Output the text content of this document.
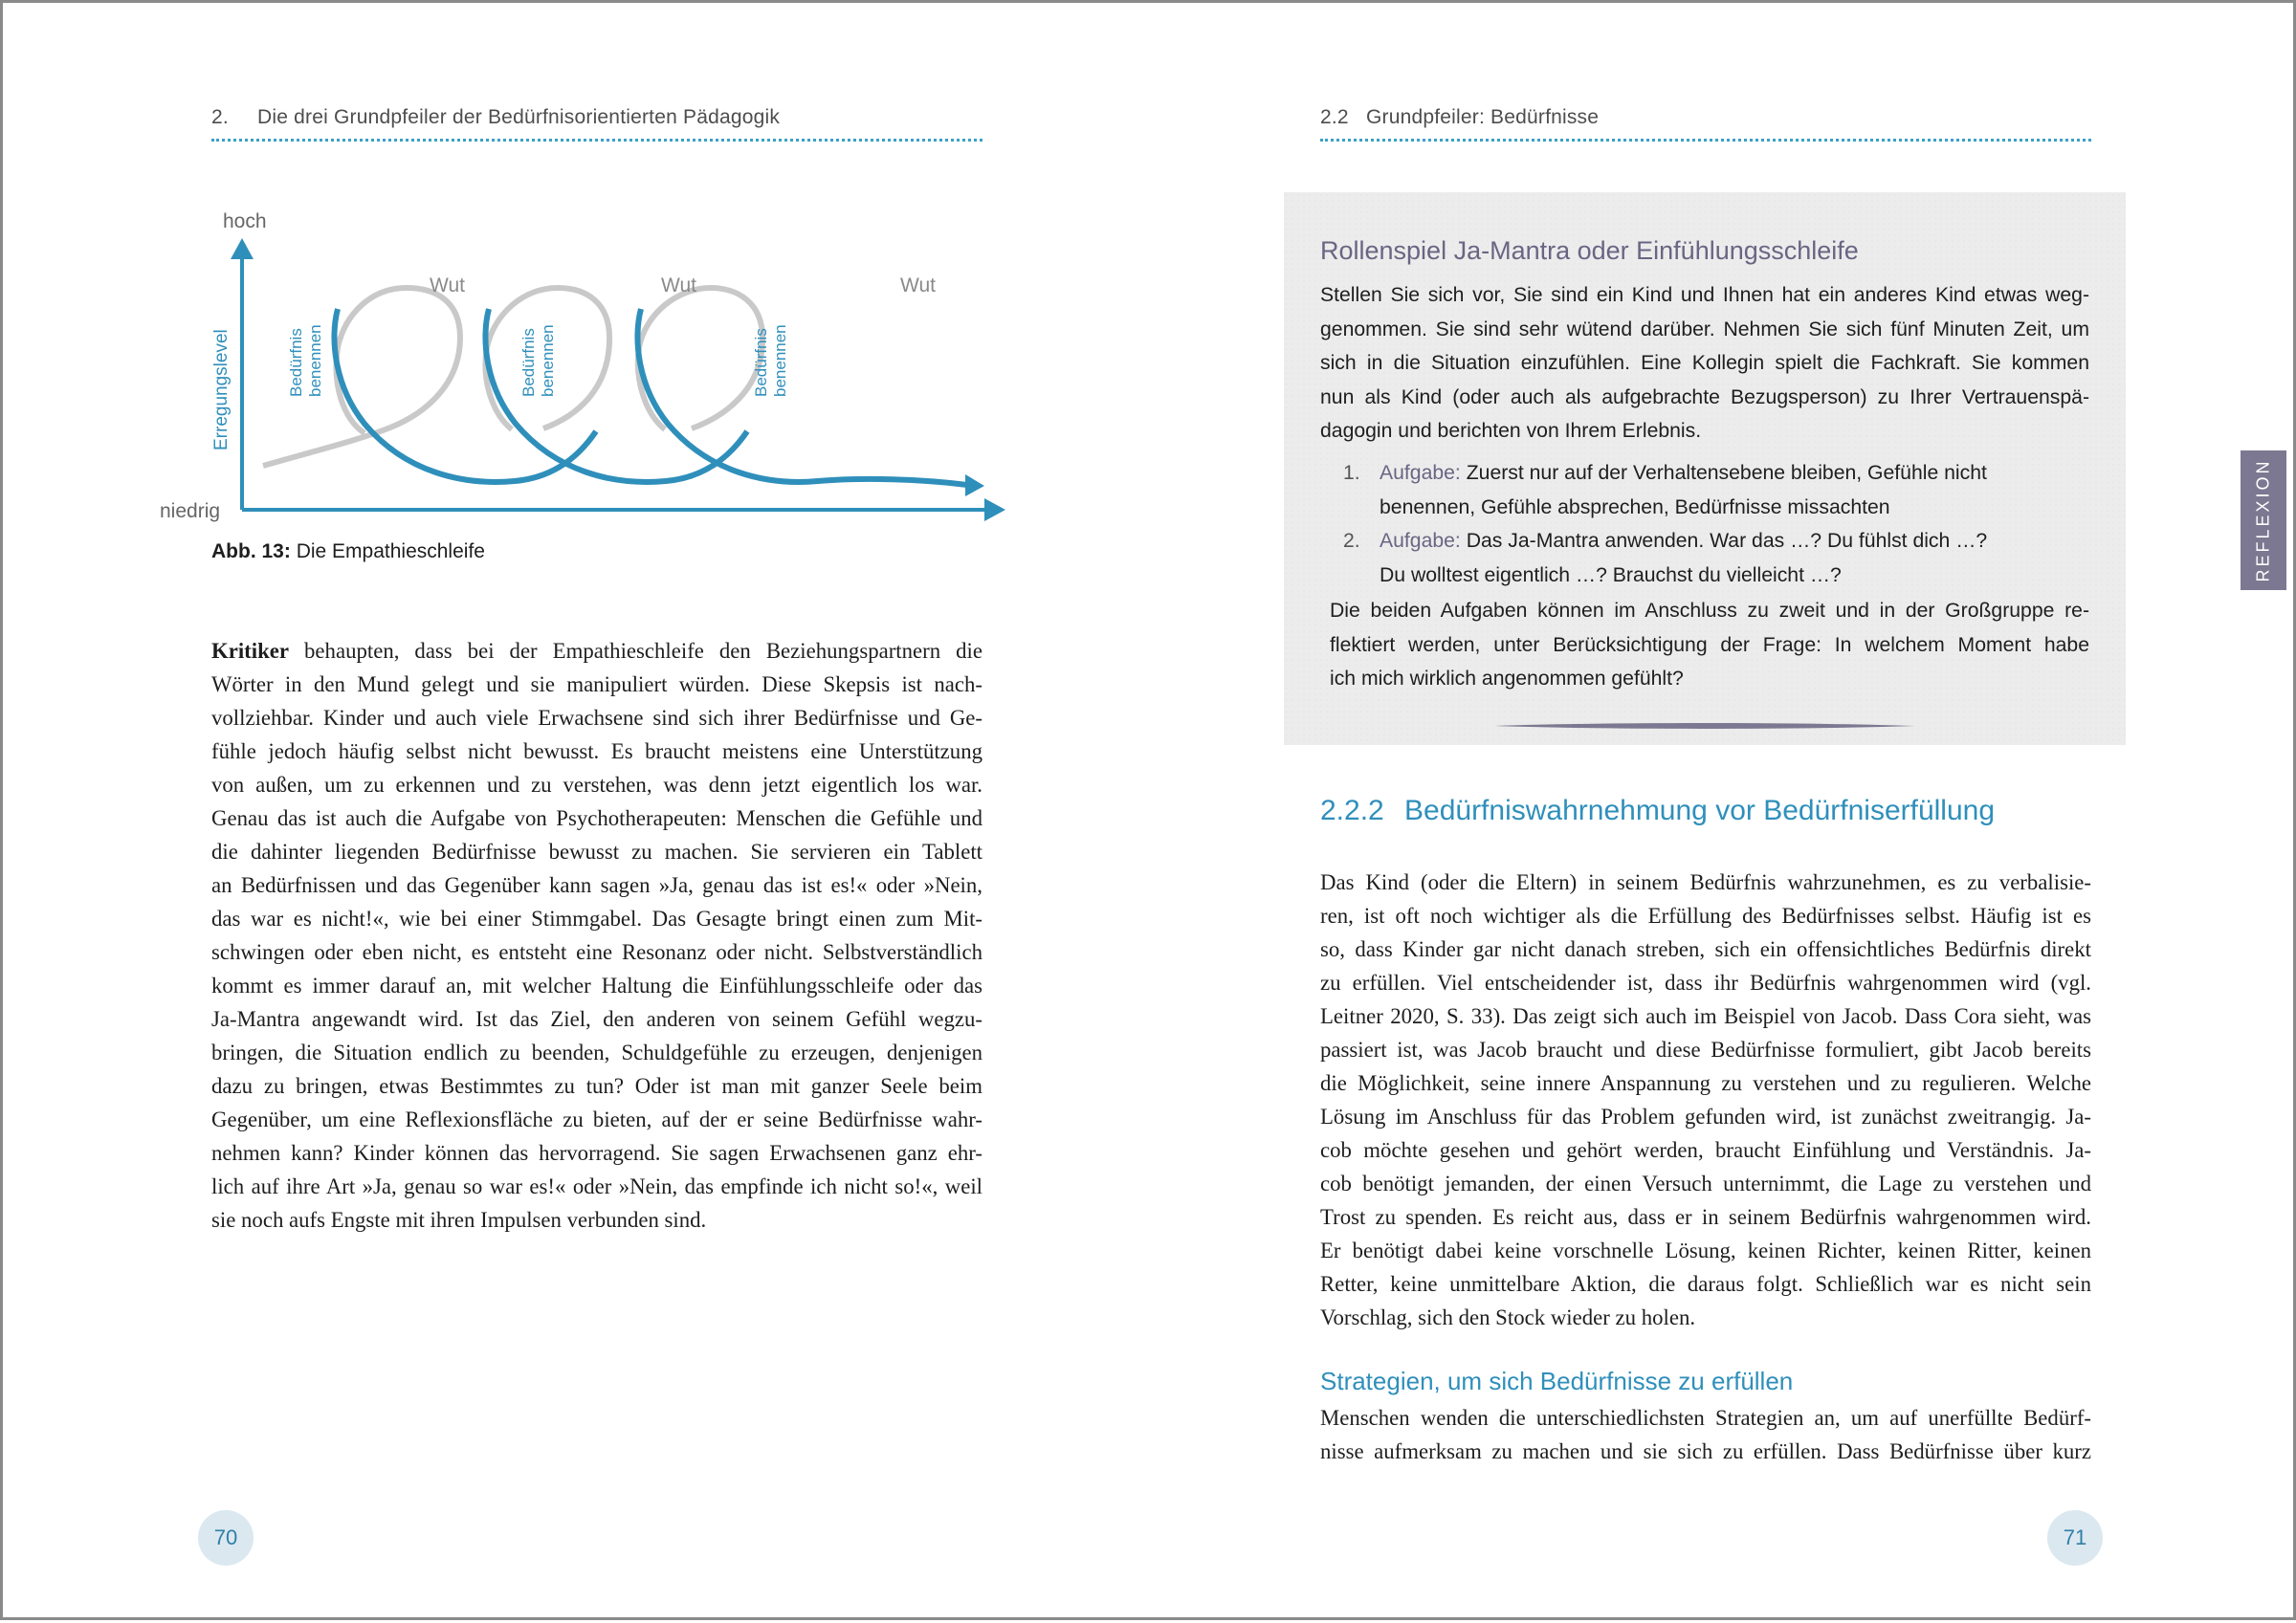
2. Die drei Grundpfeiler der Bedürfnisorientierten Pädagogik
hoch
niedrig
Erregungslevel
Wut	Wut	Wut
Bedürfnis benennen	Bedürfnis benennen	Bedürfnis benennen
Abb. 13: Die Empathieschleife
Kritiker behaupten, dass bei der Empathieschleife den Beziehungspartnern die
Wörter in den Mund gelegt und sie manipuliert würden. Diese Skepsis ist nach-
vollziehbar. Kinder und auch viele Erwachsene sind sich ihrer Bedürfnisse und Ge-
fühle jedoch häufig selbst nicht bewusst. Es braucht meistens eine Unterstützung
von außen, um zu erkennen und zu verstehen, was denn jetzt eigentlich los war.
Genau das ist auch die Aufgabe von Psychotherapeuten: Menschen die Gefühle und
die dahinter liegenden Bedürfnisse bewusst zu machen. Sie servieren ein Tablett
an Bedürfnissen und das Gegenüber kann sagen »Ja, genau das ist es!« oder »Nein,
das war es nicht!«, wie bei einer Stimmgabel. Das Gesagte bringt einen zum Mit-
schwingen oder eben nicht, es entsteht eine Resonanz oder nicht. Selbstverständlich
kommt es immer darauf an, mit welcher Haltung die Einfühlungsschleife oder das
Ja-Mantra angewandt wird. Ist das Ziel, den anderen von seinem Gefühl wegzu-
bringen, die Situation endlich zu beenden, Schuldgefühle zu erzeugen, denjenigen
dazu zu bringen, etwas Bestimmtes zu tun? Oder ist man mit ganzer Seele beim
Gegenüber, um eine Reflexionsfläche zu bieten, auf der er seine Bedürfnisse wahr-
nehmen kann? Kinder können das hervorragend. Sie sagen Erwachsenen ganz ehr-
lich auf ihre Art »Ja, genau so war es!« oder »Nein, das empfinde ich nicht so!«, weil
sie noch aufs Engste mit ihren Impulsen verbunden sind.
70
2.2 Grundpfeiler: Bedürfnisse
Rollenspiel Ja-Mantra oder Einfühlungsschleife
Stellen Sie sich vor, Sie sind ein Kind und Ihnen hat ein anderes Kind etwas weg-
genommen. Sie sind sehr wütend darüber. Nehmen Sie sich fünf Minuten Zeit, um
sich in die Situation einzufühlen. Eine Kollegin spielt die Fachkraft. Sie kommen
nun als Kind (oder auch als aufgebrachte Bezugsperson) zu Ihrer Vertrauenspä-
dagogin und berichten von Ihrem Erlebnis.
1. Aufgabe: Zuerst nur auf der Verhaltensebene bleiben, Gefühle nicht
benennen, Gefühle absprechen, Bedürfnisse missachten
2. Aufgabe: Das Ja-Mantra anwenden. War das …? Du fühlst dich …?
Du wolltest eigentlich …? Brauchst du vielleicht …?
Die beiden Aufgaben können im Anschluss zu zweit und in der Großgruppe re-
flektiert werden, unter Berücksichtigung der Frage: In welchem Moment habe
ich mich wirklich angenommen gefühlt?
REFLEXION
2.2.2 Bedürfniswahrnehmung vor Bedürfniserfüllung
Das Kind (oder die Eltern) in seinem Bedürfnis wahrzunehmen, es zu verbalisie-
ren, ist oft noch wichtiger als die Erfüllung des Bedürfnisses selbst. Häufig ist es
so, dass Kinder gar nicht danach streben, sich ein offensichtliches Bedürfnis direkt
zu erfüllen. Viel entscheidender ist, dass ihr Bedürfnis wahrgenommen wird (vgl.
Leitner 2020, S. 33). Das zeigt sich auch im Beispiel von Jacob. Dass Cora sieht, was
passiert ist, was Jacob braucht und diese Bedürfnisse formuliert, gibt Jacob bereits
die Möglichkeit, seine innere Anspannung zu verstehen und zu regulieren. Welche
Lösung im Anschluss für das Problem gefunden wird, ist zunächst zweitrangig. Ja-
cob möchte gesehen und gehört werden, braucht Einfühlung und Verständnis. Ja-
cob benötigt jemanden, der einen Versuch unternimmt, die Lage zu verstehen und
Trost zu spenden. Es reicht aus, dass er in seinem Bedürfnis wahrgenommen wird.
Er benötigt dabei keine vorschnelle Lösung, keinen Richter, keinen Ritter, keinen
Retter, keine unmittelbare Aktion, die daraus folgt. Schließlich war es nicht sein
Vorschlag, sich den Stock wieder zu holen.
Strategien, um sich Bedürfnisse zu erfüllen
Menschen wenden die unterschiedlichsten Strategien an, um auf unerfüllte Bedürf-
nisse aufmerksam zu machen und sie sich zu erfüllen. Dass Bedürfnisse über kurz
71
